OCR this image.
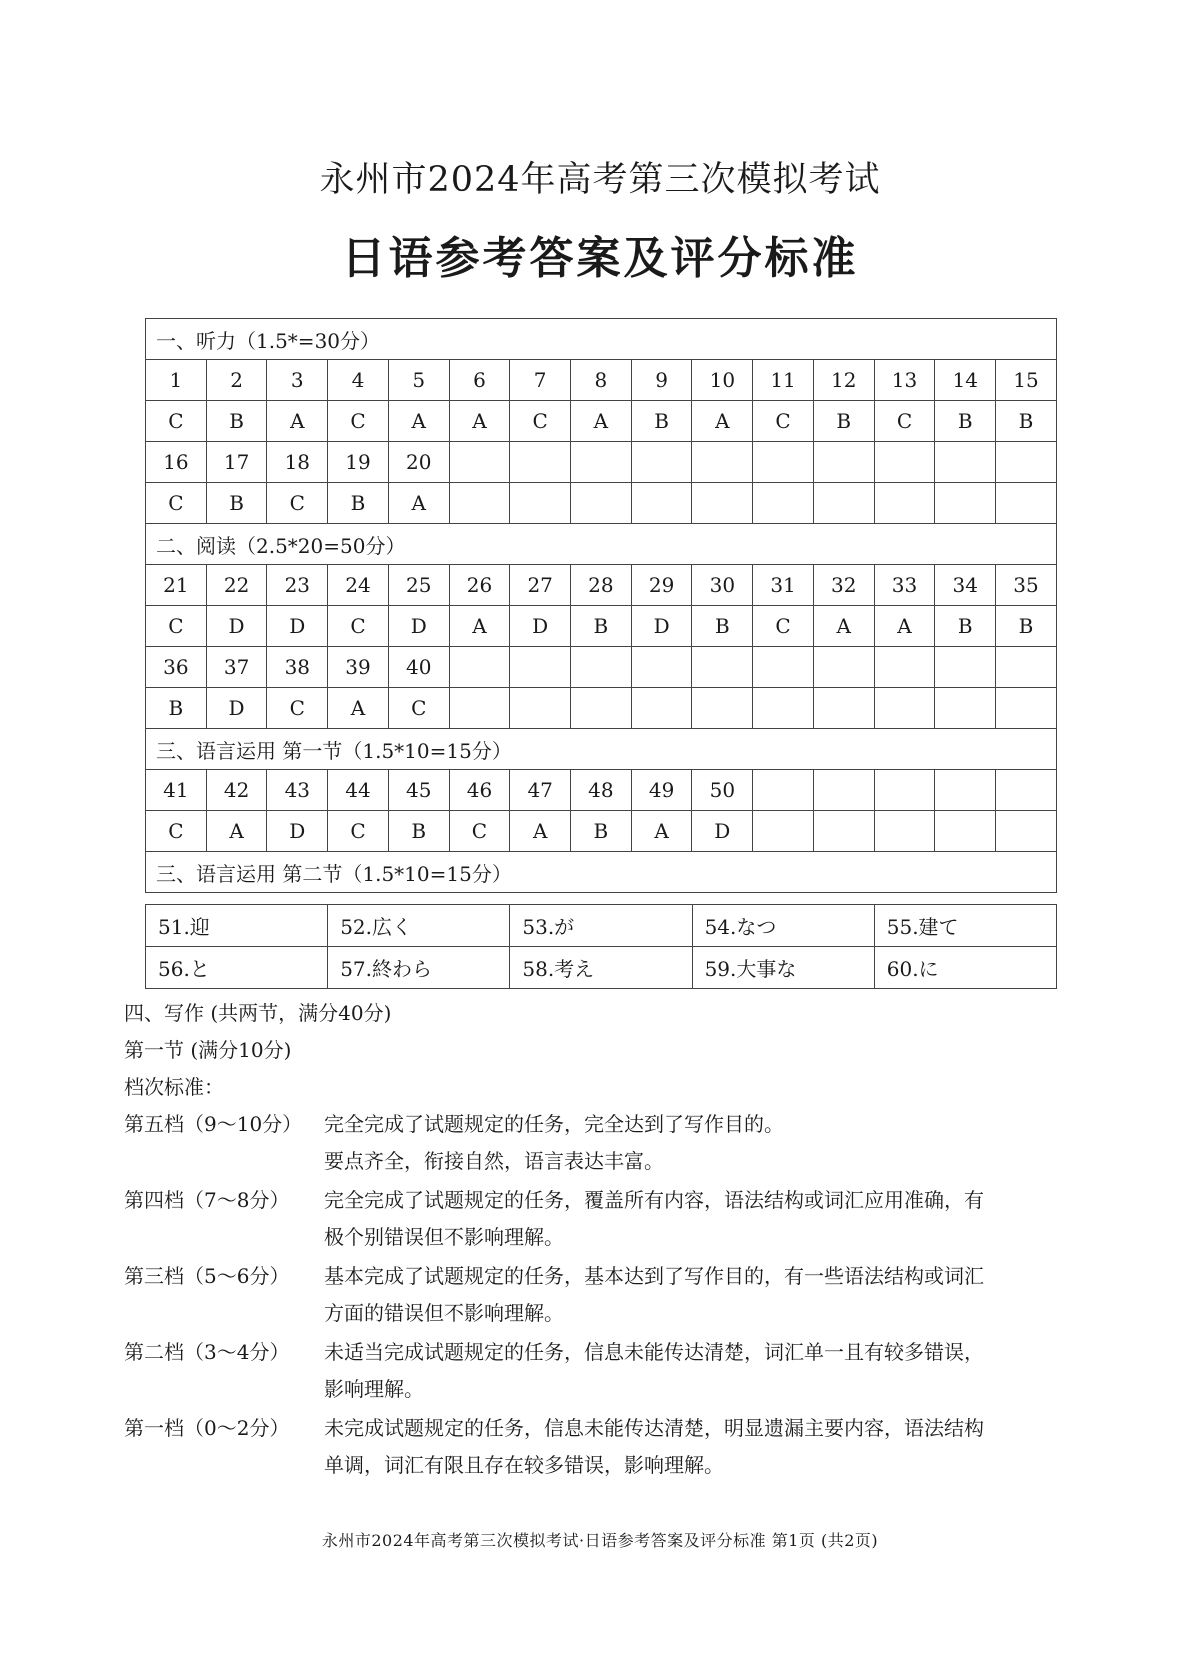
永州市2024年高考第三次模拟考试
日语参考答案及评分标准
一、听力（1.5*=30分）														
1	2	3	4	5	6	7	8	9	10	11	12	13	14	15
C	B	A	C	A	A	C	A	B	A	C	B	C	B	B
16	17	18	19	20										
C	B	C	B	A										
二、阅读（2.5*20=50分）														
21	22	23	24	25	26	27	28	29	30	31	32	33	34	35
C	D	D	C	D	A	D	B	D	B	C	A	A	B	B
36	37	38	39	40										
B	D	C	A	C										
三、语言运用 第一节（1.5*10=15分）														
41	42	43	44	45	46	47	48	49	50					
C	A	D	C	B	C	A	B	A	D					
三、语言运用 第二节（1.5*10=15分）														
51.迎	52.広く	53.が	54.なつ	55.建て
56.と	57.終わら	58.考え	59.大事な	60.に
四、写作 (共两节，满分40分)
第一节 (满分10分)
档次标准：
第五档（9～10分）	完全完成了试题规定的任务，完全达到了写作目的。
要点齐全，衔接自然，语言表达丰富。
第四档（7～8分）	完全完成了试题规定的任务，覆盖所有内容，语法结构或词汇应用准确，有
极个别错误但不影响理解。
第三档（5～6分）	基本完成了试题规定的任务，基本达到了写作目的，有一些语法结构或词汇
方面的错误但不影响理解。
第二档（3～4分）	未适当完成试题规定的任务，信息未能传达清楚，词汇单一且有较多错误，
影响理解。
第一档（0～2分）	未完成试题规定的任务，信息未能传达清楚，明显遗漏主要内容，语法结构
单调，词汇有限且存在较多错误，影响理解。
永州市2024年高考第三次模拟考试·日语参考答案及评分标准 第1页 (共2页)
